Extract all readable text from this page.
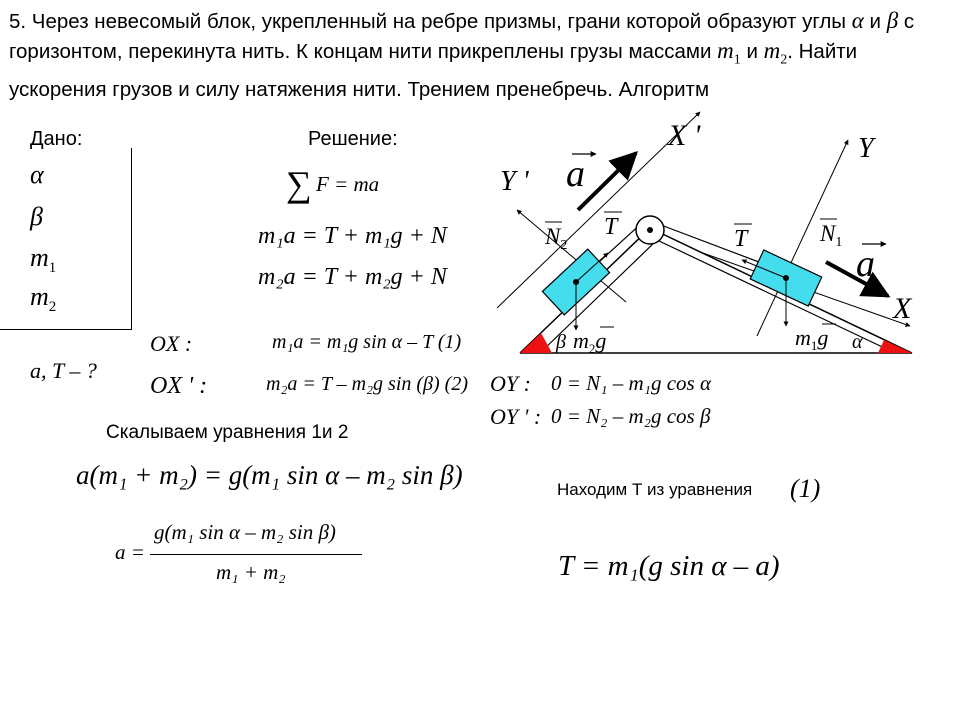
5. Через невесомый блок, укрепленный на ребре призмы, грани которой образуют углы α и β с горизонтом, перекинута нить. К концам нити прикреплены грузы массами $m_1$ и $m_2$. Найти ускорения грузов и силу натяжения нити. Трением пренебречь. Алгоритм
Дано:
α
β
$m_1$
$m_2$
a, T – ?
Решение:
∑ F = ma
m₁a = T + m₁g + N
m₂a = T + m₂g + N
OX :
OX ' :
m₁a = m₁g sin α – T (1)
m₂a = T – m₂g sin (β) (2) OY :
OY ' :
0 = N₁ – m₁g cos α
0 = N₂ – m₂g cos β
Скалываем уравнения 1и 2
a(m₁ + m₂) = g(m₁ sin α – m₂ sin β)
a =
g(m₁ sin α – m₂ sin β)
m₁ + m₂
Находим Т из уравнения (1)
T = m₁(g sin α – a)
X '
X
Y '
Y
a
a
T	T
$N_2$	$N_1$
β $m_2g$	$m_1g$ α
